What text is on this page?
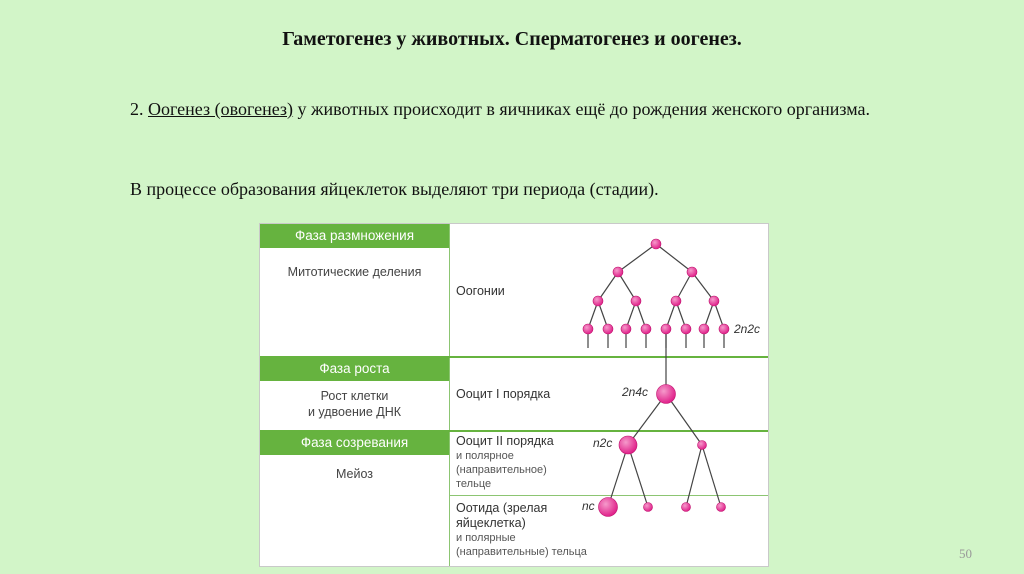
Гаметогенез у животных. Сперматогенез и оогенез.
2. Оогенез (овогенез) у животных происходит в яичниках ещё до рождения женского организма.
В процессе образования яйцеклеток выделяют три периода (стадии).
Фаза размножения
Митотические деления
Фаза роста
Рост клетки
и удвоение ДНК
Фаза созревания
Мейоз
Оогонии
Ооцит I порядка
Ооцит II порядка
и полярное
(направительное)
тельце
Оотида (зрелая
яйцеклетка)
и полярные
(направительные) тельца
2n2c
2n4c
n2c
nc
50
